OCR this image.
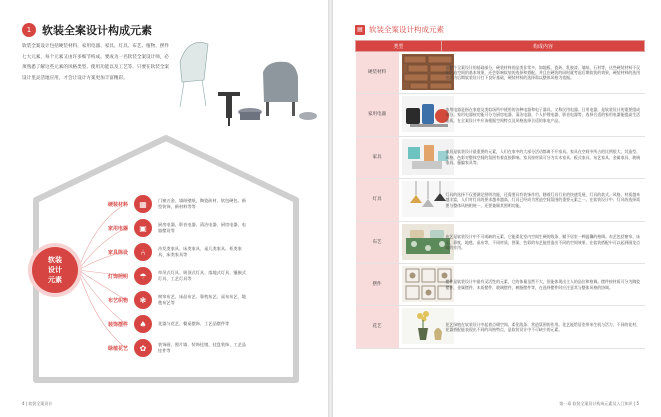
1 软装全案设计构成元素

软装全案设计包括硬装材料、家用电器、家具、灯具、布艺、植物、摆件七大元素，每个元素又由许多细节构成。要成为一名软装全案设计师，必须熟悉了解这些元素的风格类型、使用功能以及工艺等，只要在软装全案设计里灵活地应用，才会让设计方案更加丰富精彩。

软装
设计
元素
硬装材料	▦	门窗五金、墙纸壁纸、陶瓷砖材、软包硬包、新型装饰、新材料等等
家用电器	▣	厨房电器、影音电器、清洁电器、厨房电器、电器摆设等
家具陈设	⑃	沙发类家具、床类家具、桌几类家具、柜类家具、床类家具等
灯饰照明	☂	草吊式灯具、吸顶式灯具、落地式灯具、镶嵌式灯具、工艺灯具等
布艺织物	❃	窗帘布艺、床品布艺、靠枕布艺、桌布布艺、地毯布艺等
装饰摆件	♠	花器与花艺、餐桌摆饰、工艺品摆件等
绿植花艺	✿	装饰画、照片墙、装饰挂镜、挂盘装饰、工艺品挂件等
4 | 软装全案设计
▤ 软装全案设计构成元素
类型		构成内容
硬装材料		是整个全案设计的基础部分，硬装材料的品类非常多，如地板、瓷砖、乳胶漆、墙纸、石材等，这些硬装材料不仅能营造空间的基本效果，还会影响软装的选择和搭配。并且在硬装的同时就考虑后期软装的效果，硬装材料的选用也能为后期软装设计打下良好基础，硬装材料的选择需以整体风格为依据。
家用电器		家用电器是指在家庭及类似场所中使用的各种电器和电子器具，又称民用电器、日用电器，是软装设计的重要组成部分。家用电器按功能可分为厨房电器、清洁电器、个人护理电器、影音电器等，选择合适的家用电器能提高生活品质。在全案设计中应该根据空间特点及风格选择合适的家电产品。
家具		家具是软装设计最重要的元素，人们在家中的大部分活动都离不开家具。家具在空间中所占的比例很大，其造型、风格、色彩对整体空间的氛围有着直接影响。家具按材质可分为实木家具、板式家具、布艺家具、金属家具、玻璃家具、藤编家具等。
灯具		灯具的选择不仅要满足照明功能，还需要具有装饰作用。随着灯具行业的快速发展，灯具的款式、风格、材质越来越丰富，人们对灯具的要求越来越高，灯具已经成为营造空间氛围的重要元素之一。在软装设计中，灯具的选择需要与整体风格相统一，还要兼顾其照明功能。
布艺		布艺是软装设计中不可或缺的元素，它能柔化室内空间生硬的线条，赋予居室一种温馨的格调。布艺包括窗帘、床品、靠枕、地毯、桌布等，不同材质、图案、色彩的布艺能营造出不同的空间效果，在软装搭配中可以起到画龙点睛的作用。
摆件		摆件是软装设计中最有灵活性的元素，它的体量虽然不大，但能体现出主人的品位和格调。摆件按材质可分为陶瓷摆件、金属摆件、木质摆件、玻璃摆件、树脂摆件等，在选择摆件时应注意其与整体风格的协调。
花艺		花艺绿植在软装设计中起着点缀空间、柔化线条、营造氛围的作用。花艺能给居室带来生机与活力，不同的花材、花器搭配能表现出不同的风格特点，是软装设计中不可缺少的元素。
第一章 软装全案设计构成元素及入门知识 | 5
